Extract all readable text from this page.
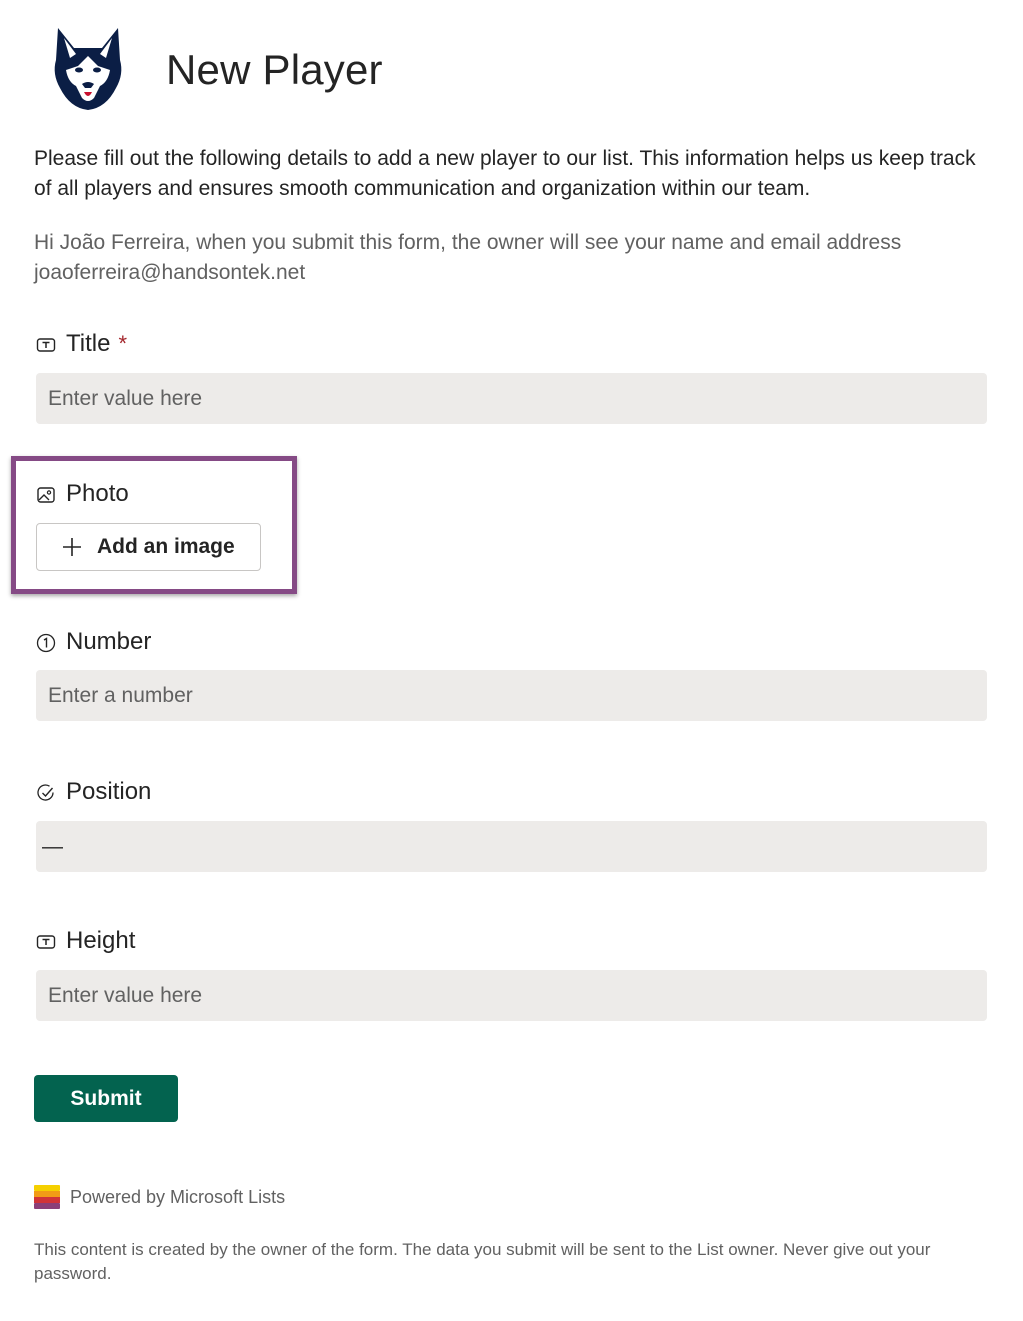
New Player
Please fill out the following details to add a new player to our list. This information helps us keep track of all players and ensures smooth communication and organization within our team.
Hi João Ferreira, when you submit this form, the owner will see your name and email address joaoferreira@handsontek.net
Title *
Enter value here
Photo
Add an image
Number
Enter a number
Position
—
Height
Enter value here
Submit
Powered by Microsoft Lists
This content is created by the owner of the form. The data you submit will be sent to the List owner. Never give out your password.
